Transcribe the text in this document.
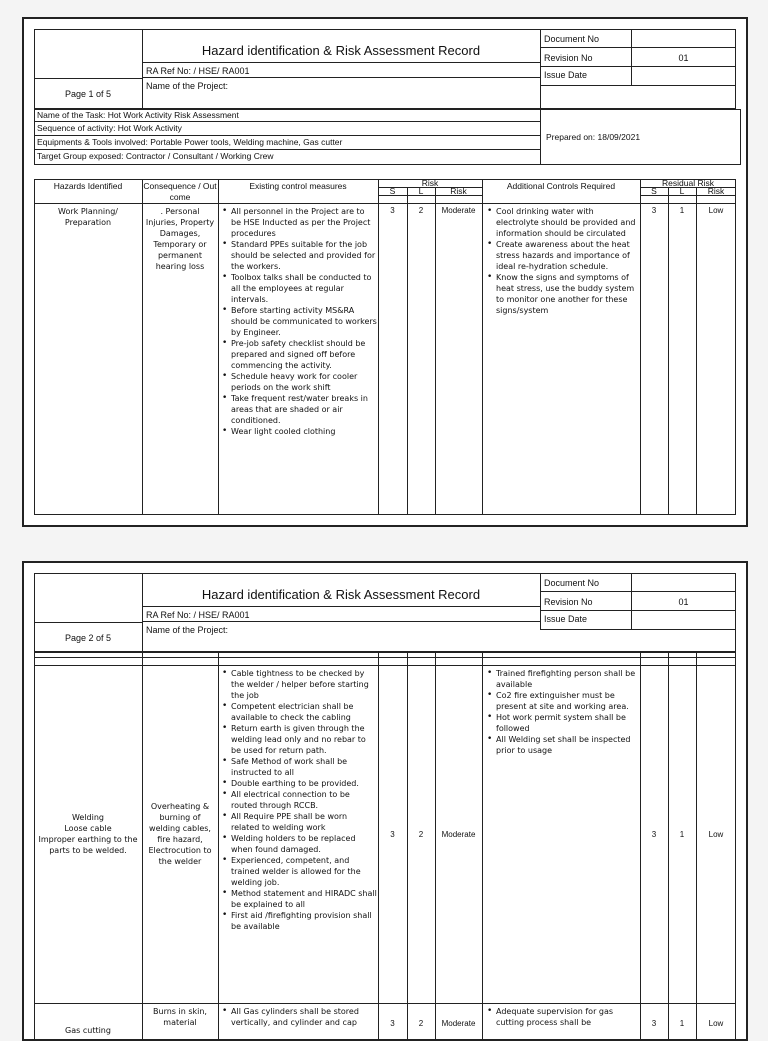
Hazard identification & Risk Assessment Record
RA Ref No: / HSE/ RA001
Name of the Project:
Page 1 of 5
Document No
Revision No	01
Issue Date
Name of the Task: Hot Work Activity Risk Assessment
Sequence of activity: Hot Work Activity
Equipments & Tools involved: Portable Power tools, Welding machine, Gas cutter
Target Group exposed: Contractor / Consultant / Working Crew
Prepared on: 18/09/2021
Hazards Identified	Consequence / Out come
Existing control measures	Risk
S	L	Risk	Additional Controls Required	Residual Risk
S	L	Risk
Work Planning/ Preparation
. Personal Injuries, Property Damages, Temporary or permanent hearing loss
• All personnel in the Project are to be HSE Inducted as per the Project procedures
• Standard PPEs suitable for the job should be selected and provided for the workers.
• Toolbox talks shall be conducted to all the employees at regular intervals.
• Before starting activity MS&RA should be communicated to workers by Engineer.
• Pre-job safety checklist should be prepared and signed off before commencing the activity.
• Schedule heavy work for cooler periods on the work shift
• Take frequent rest/water breaks in areas that are shaded or air conditioned.
• Wear light cooled clothing
3	2	Moderate
•	Cool drinking water with electrolyte should be provided and information should be circulated
• Create awareness about the heat stress hazards and importance of ideal re-hydration schedule.
• Know the signs and symptoms of heat stress, use the buddy system to monitor one another for these signs/system
3	1	Low
Hazard identification & Risk Assessment Record
RA Ref No: / HSE/ RA001
Name of the Project:
Page 2 of 5
Document No
Revision No	01
Issue Date
Welding
Loose cable
Improper earthing to the parts to be welded.
Overheating & burning of welding cables, fire hazard, Electrocution to the welder
• Cable tightness to be checked by the welder / helper before starting the job
• Competent electrician shall be available to check the cabling
• Return earth is given through the welding lead only and no rebar to be used for return path.
• Safe Method of work shall be instructed to all
• Double earthing to be provided.
• All electrical connection to be routed through RCCB.
• All Require PPE shall be worn related to welding work
• Welding holders to be replaced when found damaged.
• Experienced, competent, and trained welder is allowed for the welding job.
• Method statement and HIRADC shall be explained to all
• First aid /firefighting provision shall be available
3	2	Moderate
• Trained firefighting person shall be available
• Co2 fire extinguisher must be present at site and working area.
• Hot work permit system shall be followed
• All Welding set shall be inspected prior to usage
3	1	Low
Burns in skin, material
Gas cutting
• All Gas cylinders shall be stored vertically, and cylinder and cap	3	2	Moderate
• Adequate supervision for gas cutting process shall be	3	1	Low
